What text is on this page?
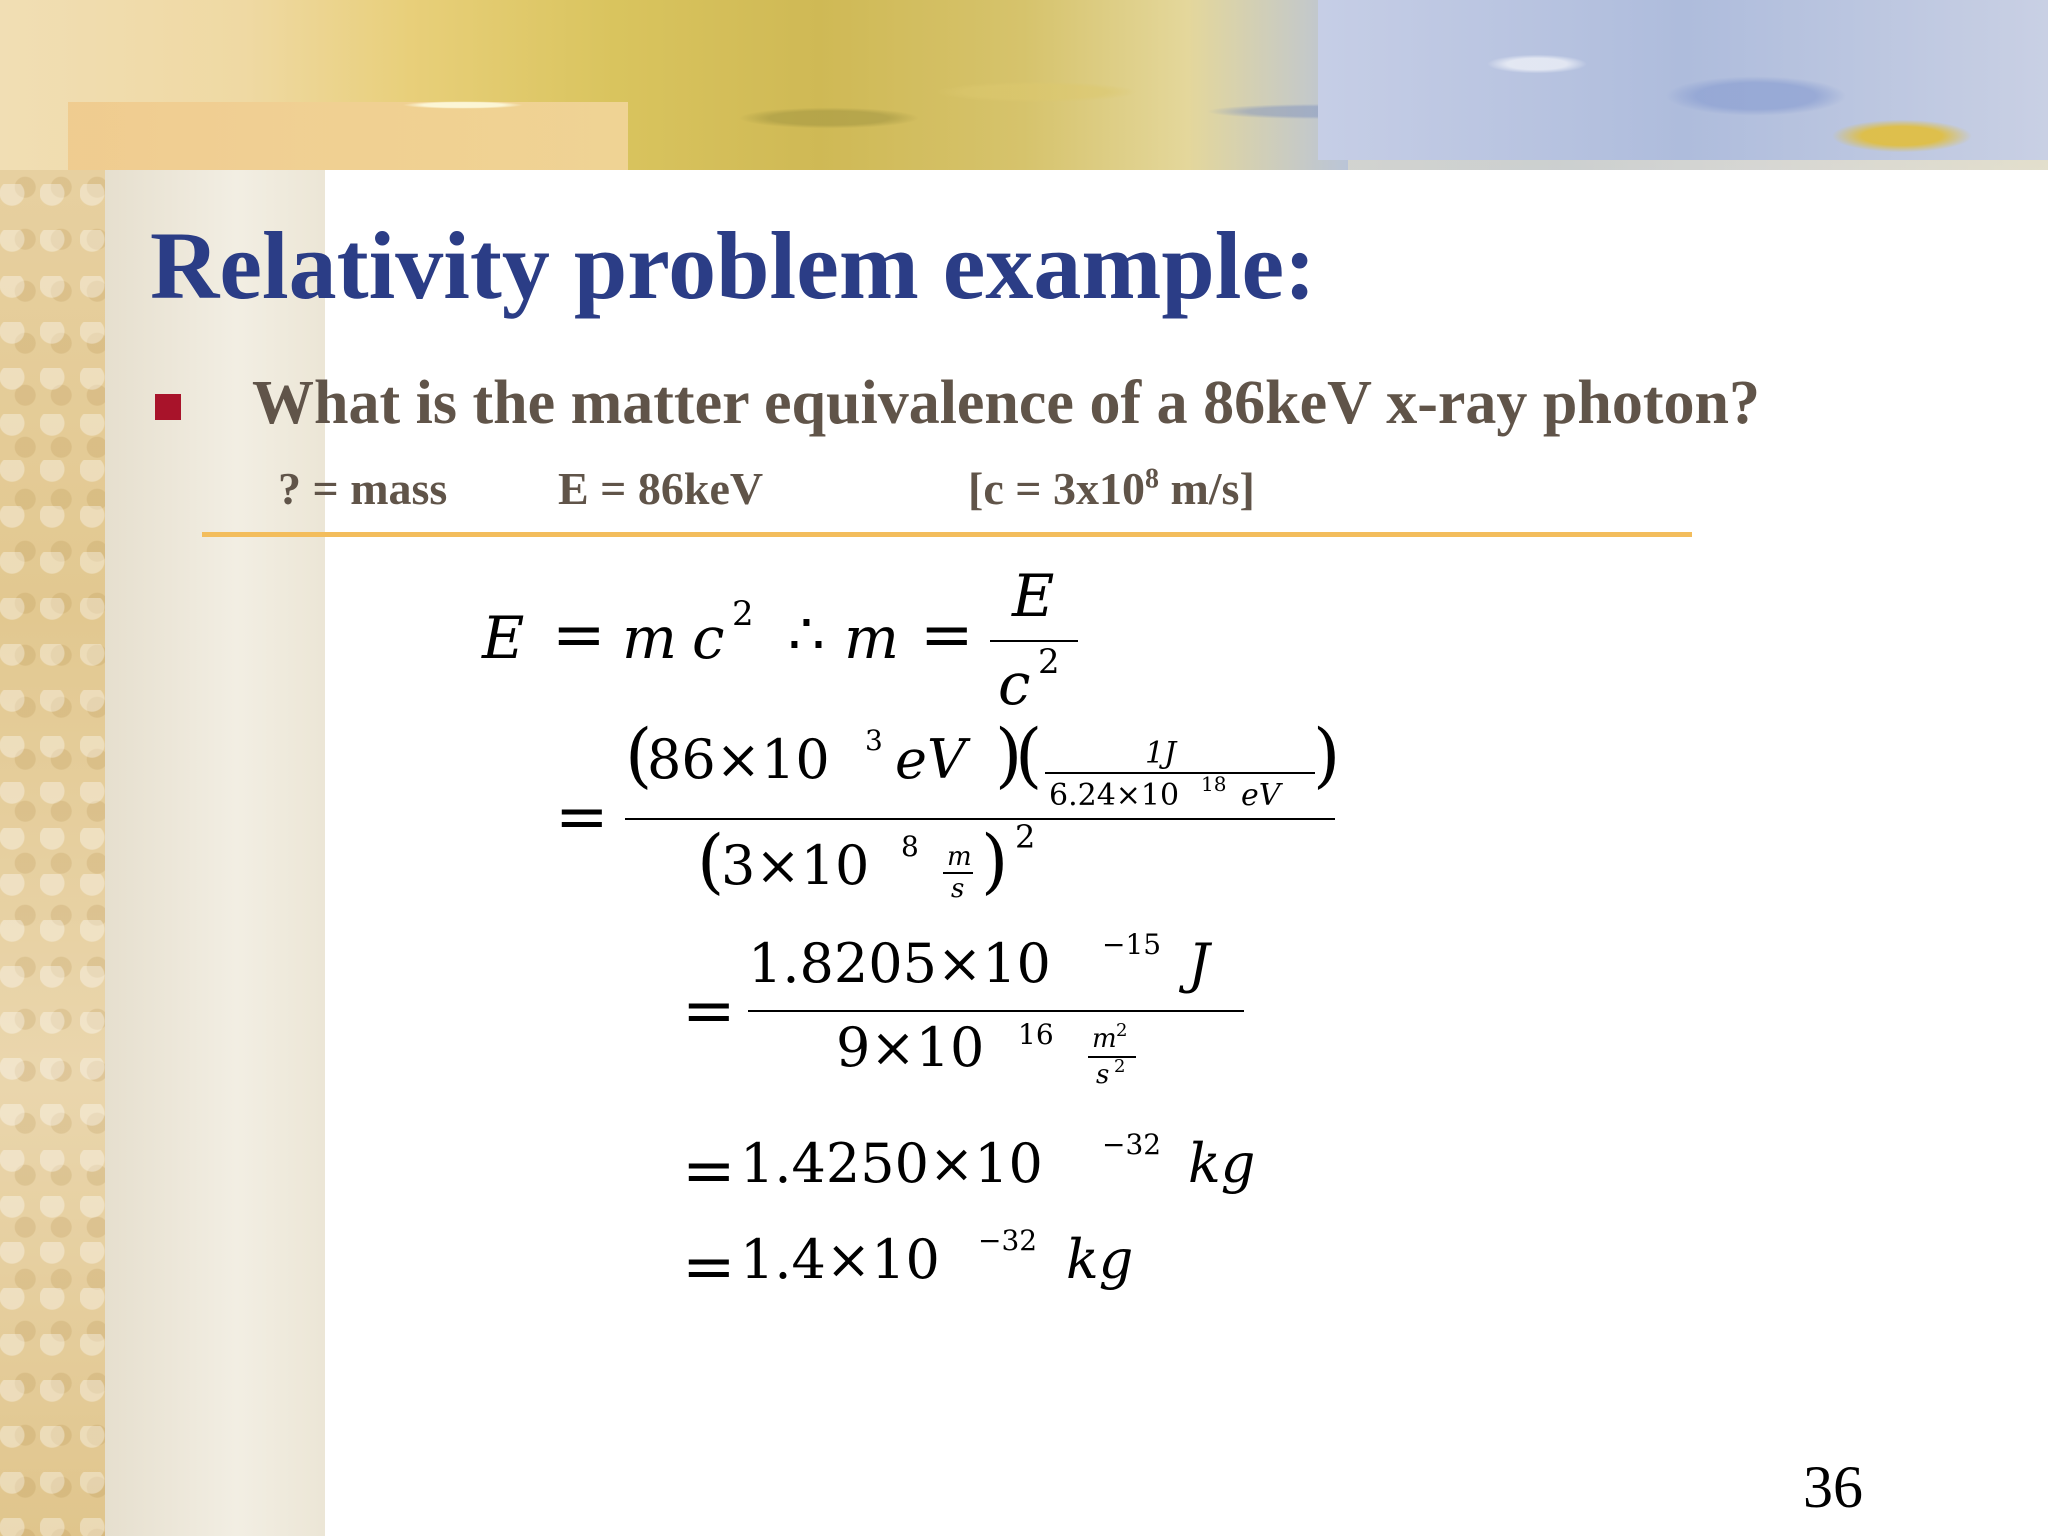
Relativity problem example:
What is the matter equivalence of a 86keV x-ray photon?
? = mass E = 86keV	[$c = 3x10^8$ m/s]
E = m c 2 ∴ m =
E
c 2
=
(
86×10 3 eV )
(	1J
6.24×10 18 eV )
(
3×10 8 m
s ) 2
=
1.8205×10 −15 J
9×10 16 m 2
s 2
= 1.4250×10 −32 kg
= 1.4×10 −32 kg
36
